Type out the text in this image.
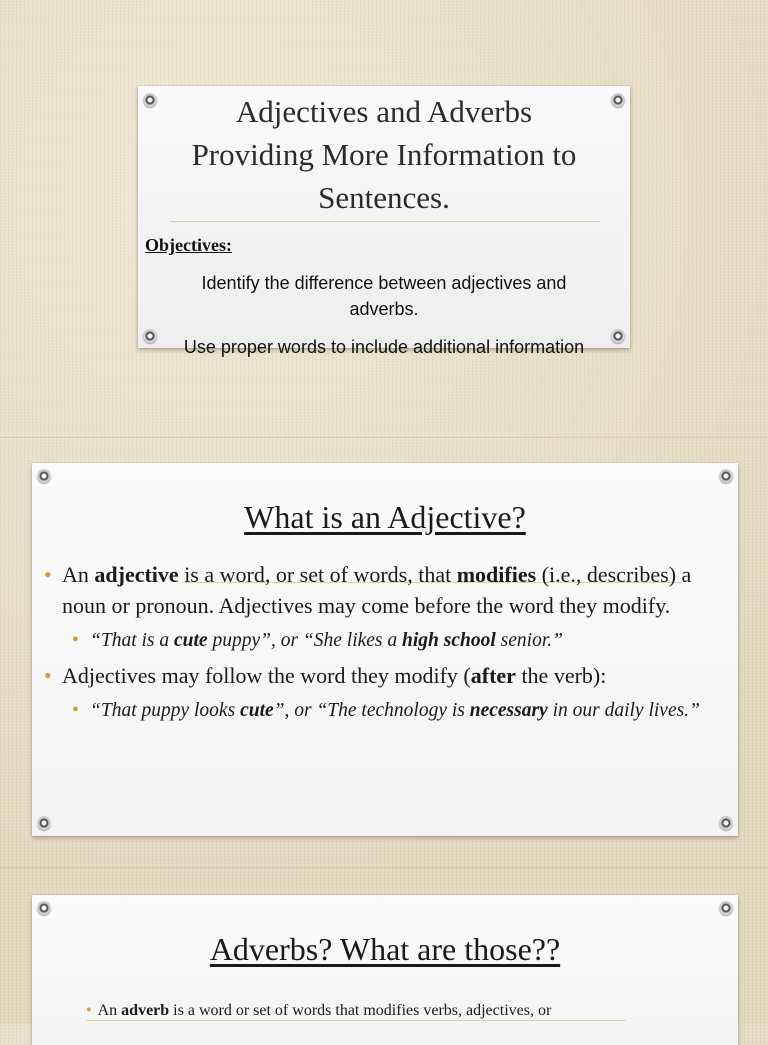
Adjectives and Adverbs
Providing More Information to
Sentences.
Objectives:
Identify the difference between adjectives and
adverbs.
Use proper words to include additional information
What is an Adjective?
• An adjective is a word, or set of words, that modifies (i.e., describes) a noun or pronoun. Adjectives may come before the word they modify.
• “That is a cute puppy”, or “She likes a high school senior.”
• Adjectives may follow the word they modify (after the verb):
• “That puppy looks cute”, or “The technology is necessary in our daily lives.”
Adverbs? What are those??
• An adverb is a word or set of words that modifies verbs, adjectives, or
